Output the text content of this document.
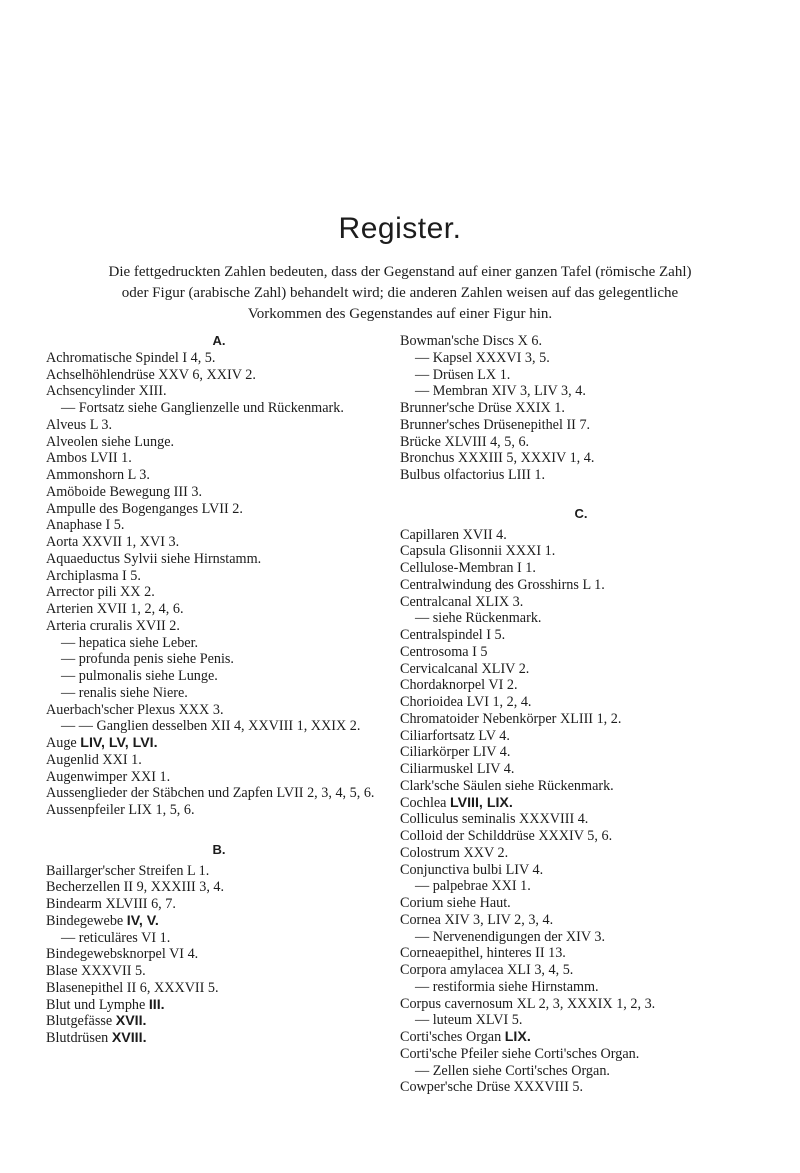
Register.

Die fettgedruckten Zahlen bedeuten, dass der Gegenstand auf einer ganzen Tafel (römische Zahl)

oder Figur (arabische Zahl) behandelt wird; die anderen Zahlen weisen auf das gelegentliche

Vorkommen des Gegenstandes auf einer Figur hin.

A.
Achromatische Spindel I 4, 5.
Achselhöhlendrüse XXV 6, XXIV 2.
Achsencylinder XIII.
— Fortsatz siehe Ganglienzelle und Rückenmark.
Alveus L 3.
Alveolen siehe Lunge.
Ambos LVII 1.
Ammonshorn L 3.
Amöboide Bewegung III 3.
Ampulle des Bogenganges LVII 2.
Anaphase I 5.
Aorta XXVII 1, XVI 3.
Aquaeductus Sylvii siehe Hirnstamm.
Archiplasma I 5.
Arrector pili XX 2.
Arterien XVII 1, 2, 4, 6.
Arteria cruralis XVII 2.
— hepatica siehe Leber.
— profunda penis siehe Penis.
— pulmonalis siehe Lunge.
— renalis siehe Niere.
Auerbach'scher Plexus XXX 3.
— — Ganglien desselben XII 4, XXVIII 1, XXIX 2.
Auge LIV, LV, LVI.
Augenlid XXI 1.
Augenwimper XXI 1.
Aussenglieder der Stäbchen und Zapfen LVII 2, 3, 4, 5, 6.
Aussenpfeiler LIX 1, 5, 6.
B.
Baillarger'scher Streifen L 1.
Becherzellen II 9, XXXIII 3, 4.
Bindearm XLVIII 6, 7.
Bindegewebe IV, V.
— reticuläres VI 1.
Bindegewebsknorpel VI 4.
Blase XXXVII 5.
Blasenepithel II 6, XXXVII 5.
Blut und Lymphe III.
Blutgefässe XVII.
Blutdrüsen XVIII.
Bowman'sche Discs X 6.
— Kapsel XXXVI 3, 5.
— Drüsen LX 1.
— Membran XIV 3, LIV 3, 4.
Brunner'sche Drüse XXIX 1.
Brunner'sches Drüsenepithel II 7.
Brücke XLVIII 4, 5, 6.
Bronchus XXXIII 5, XXXIV 1, 4.
Bulbus olfactorius LIII 1.
C.
Capillaren XVII 4.
Capsula Glisonnii XXXI 1.
Cellulose-Membran I 1.
Centralwindung des Grosshirns L 1.
Centralcanal XLIX 3.
— siehe Rückenmark.
Centralspindel I 5.
Centrosoma I 5
Cervicalcanal XLIV 2.
Chordaknorpel VI 2.
Chorioidea LVI 1, 2, 4.
Chromatoider Nebenkörper XLIII 1, 2.
Ciliarfortsatz LV 4.
Ciliarkörper LIV 4.
Ciliarmuskel LIV 4.
Clark'sche Säulen siehe Rückenmark.
Cochlea LVIII, LIX.
Colliculus seminalis XXXVIII 4.
Colloid der Schilddrüse XXXIV 5, 6.
Colostrum XXV 2.
Conjunctiva bulbi LIV 4.
— palpebrae XXI 1.
Corium siehe Haut.
Cornea XIV 3, LIV 2, 3, 4.
— Nervenendigungen der XIV 3.
Corneaepithel, hinteres II 13.
Corpora amylacea XLI 3, 4, 5.
— restiformia siehe Hirnstamm.
Corpus cavernosum XL 2, 3, XXXIX 1, 2, 3.
— luteum XLVI 5.
Corti'sches Organ LIX.
Corti'sche Pfeiler siehe Corti'sches Organ.
— Zellen siehe Corti'sches Organ.
Cowper'sche Drüse XXXVIII 5.
